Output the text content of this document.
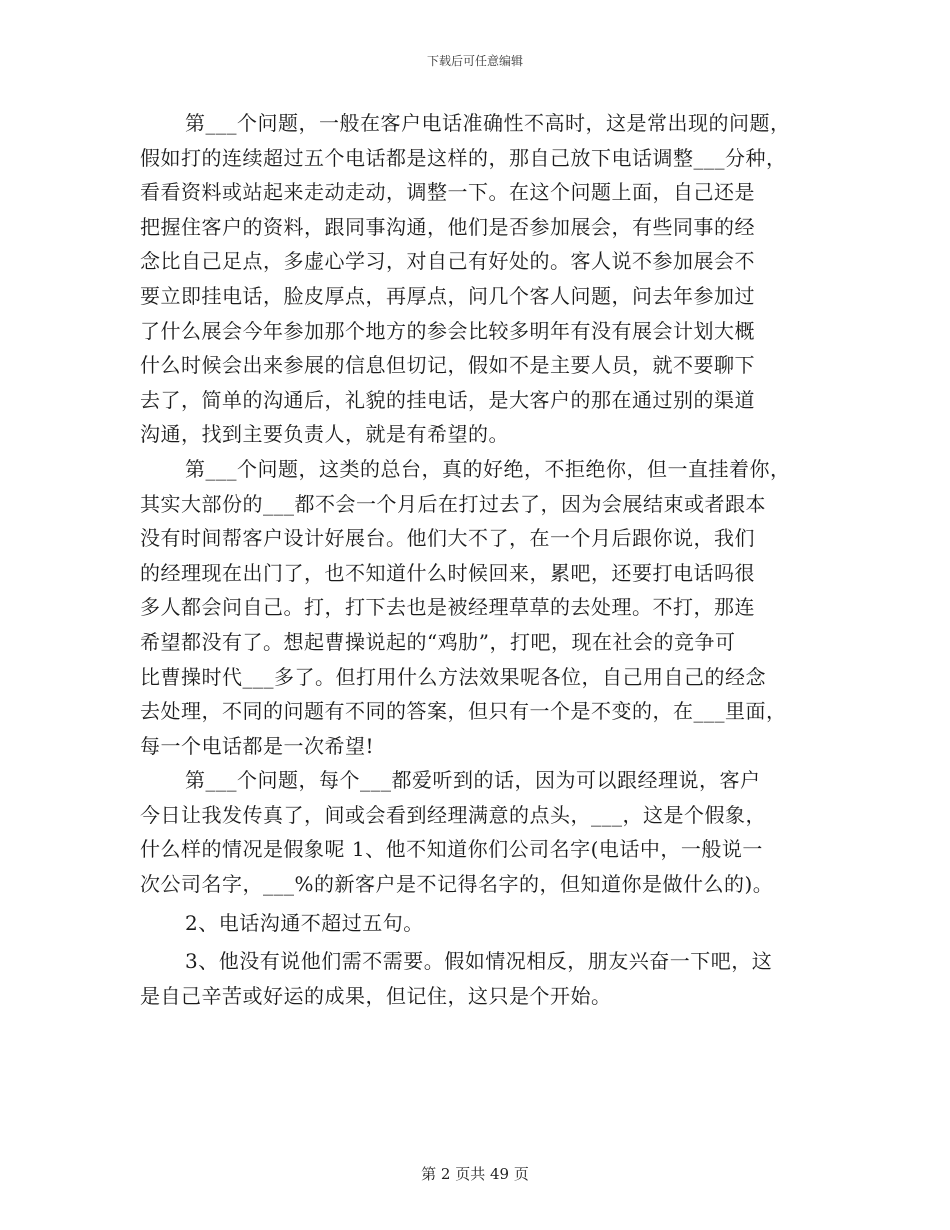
下载后可任意编辑
第___个问题，一般在客户电话准确性不高时，这是常出现的问题，
假如打的连续超过五个电话都是这样的，那自己放下电话调整___分种，
看看资料或站起来走动走动，调整一下。在这个问题上面，自己还是
把握住客户的资料，跟同事沟通，他们是否参加展会，有些同事的经
念比自己足点，多虚心学习，对自己有好处的。客人说不参加展会不
要立即挂电话，脸皮厚点，再厚点，问几个客人问题，问去年参加过
了什么展会今年参加那个地方的参会比较多明年有没有展会计划大概
什么时候会出来参展的信息但切记，假如不是主要人员，就不要聊下
去了，简单的沟通后，礼貌的挂电话，是大客户的那在通过别的渠道
沟通，找到主要负责人，就是有希望的。
第___个问题，这类的总台，真的好绝，不拒绝你，但一直挂着你，
其实大部份的___都不会一个月后在打过去了，因为会展结束或者跟本
没有时间帮客户设计好展台。他们大不了，在一个月后跟你说，我们
的经理现在出门了，也不知道什么时候回来，累吧，还要打电话吗很
多人都会问自己。打，打下去也是被经理草草的去处理。不打，那连
希望都没有了。想起曹操说起的“鸡肋”，打吧，现在社会的竞争可
比曹操时代___多了。但打用什么方法效果呢各位，自己用自己的经念
去处理，不同的问题有不同的答案，但只有一个是不变的，在___里面，
每一个电话都是一次希望!
第___个问题，每个___都爱听到的话，因为可以跟经理说，客户
今日让我发传真了，间或会看到经理满意的点头，___，这是个假象，
什么样的情况是假象呢 1、他不知道你们公司名字(电话中，一般说一
次公司名字，___%的新客户是不记得名字的，但知道你是做什么的)。
2、电话沟通不超过五句。
3、他没有说他们需不需要。假如情况相反，朋友兴奋一下吧，这
是自己辛苦或好运的成果，但记住，这只是个开始。
第 2 页共 49 页
